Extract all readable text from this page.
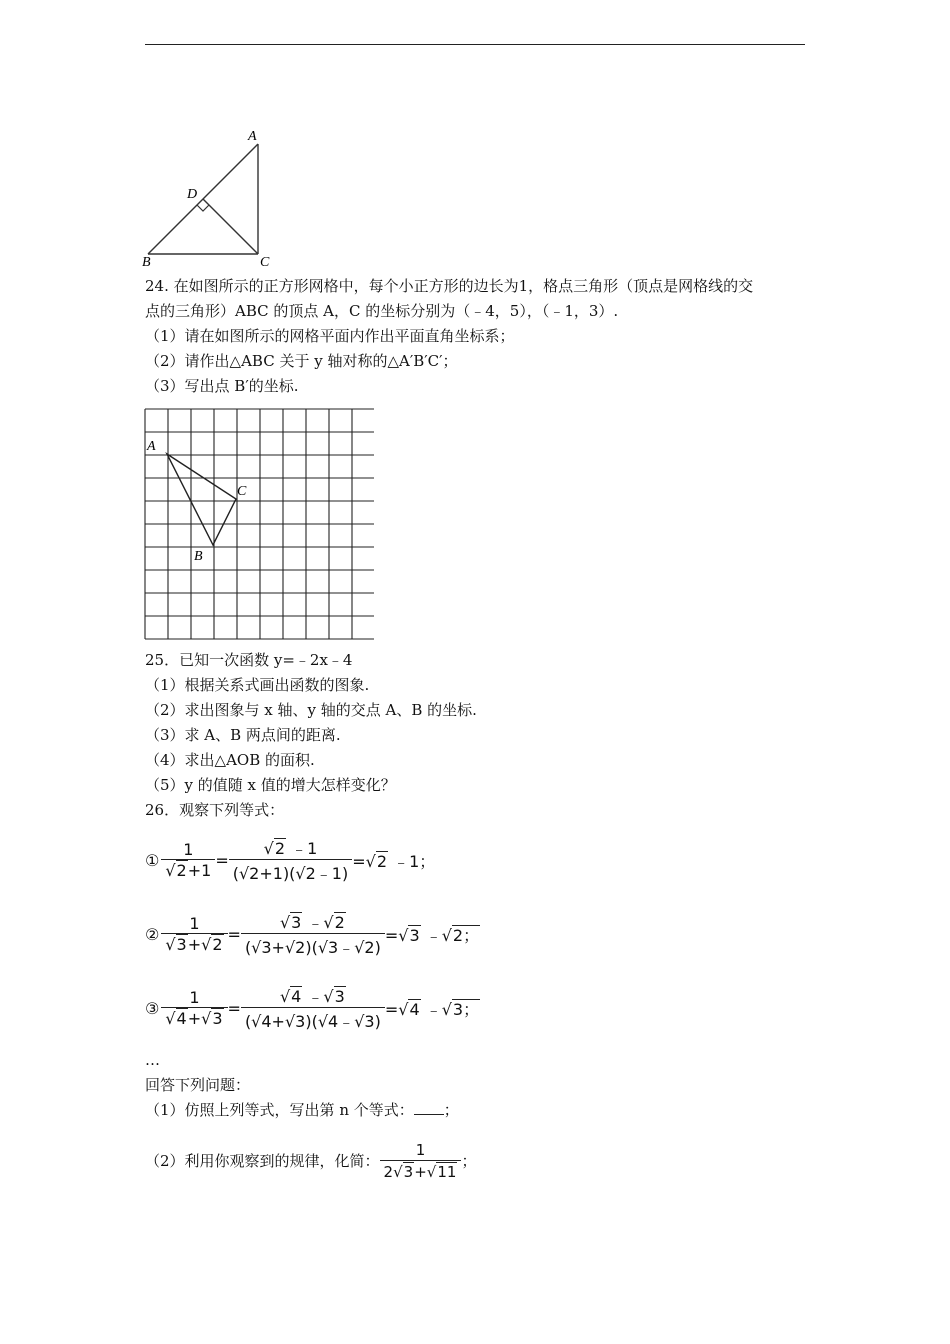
A
D
B	C
24. 在如图所示的正方形网格中，每个小正方形的边长为1，格点三角形（顶点是网格线的交
点的三角形）ABC 的顶点 A，C 的坐标分别为（﹣4，5），（﹣1，3）.
（1）请在如图所示的网格平面内作出平面直角坐标系；
（2）请作出△ABC 关于 y 轴对称的△A′B′C′；
（3）写出点 B′的坐标.
A
C
B
25．已知一次函数 y=﹣2x﹣4
（1）根据关系式画出函数的图象.
（2）求出图象与 x 轴、y 轴的交点 A、B 的坐标.
（3）求 A、B 两点间的距离.
（4）求出△AOB 的面积.
（5）y 的值随 x 值的增大怎样变化？
26．观察下列等式：
① $\frac{1}{√2+1} = \frac{√2 ﹣1}{(√2+1)(√2﹣1)} =√2$ ﹣1；
② $\frac{1}{√3+√2} = \frac{√3 ﹣√2}{(√3+√2)(√3﹣√2)} =√3$ ﹣√2；
③ $\frac{1}{√4+√3} = \frac{√4 ﹣√3}{(√4+√3)(√4﹣√3)} =√4$ ﹣√3；
…
回答下列问题：
（1）仿照上列等式，写出第 n 个等式： ；
（2）利用你观察到的规律，化简： $\frac{1}{2√3+√11}$ ；
